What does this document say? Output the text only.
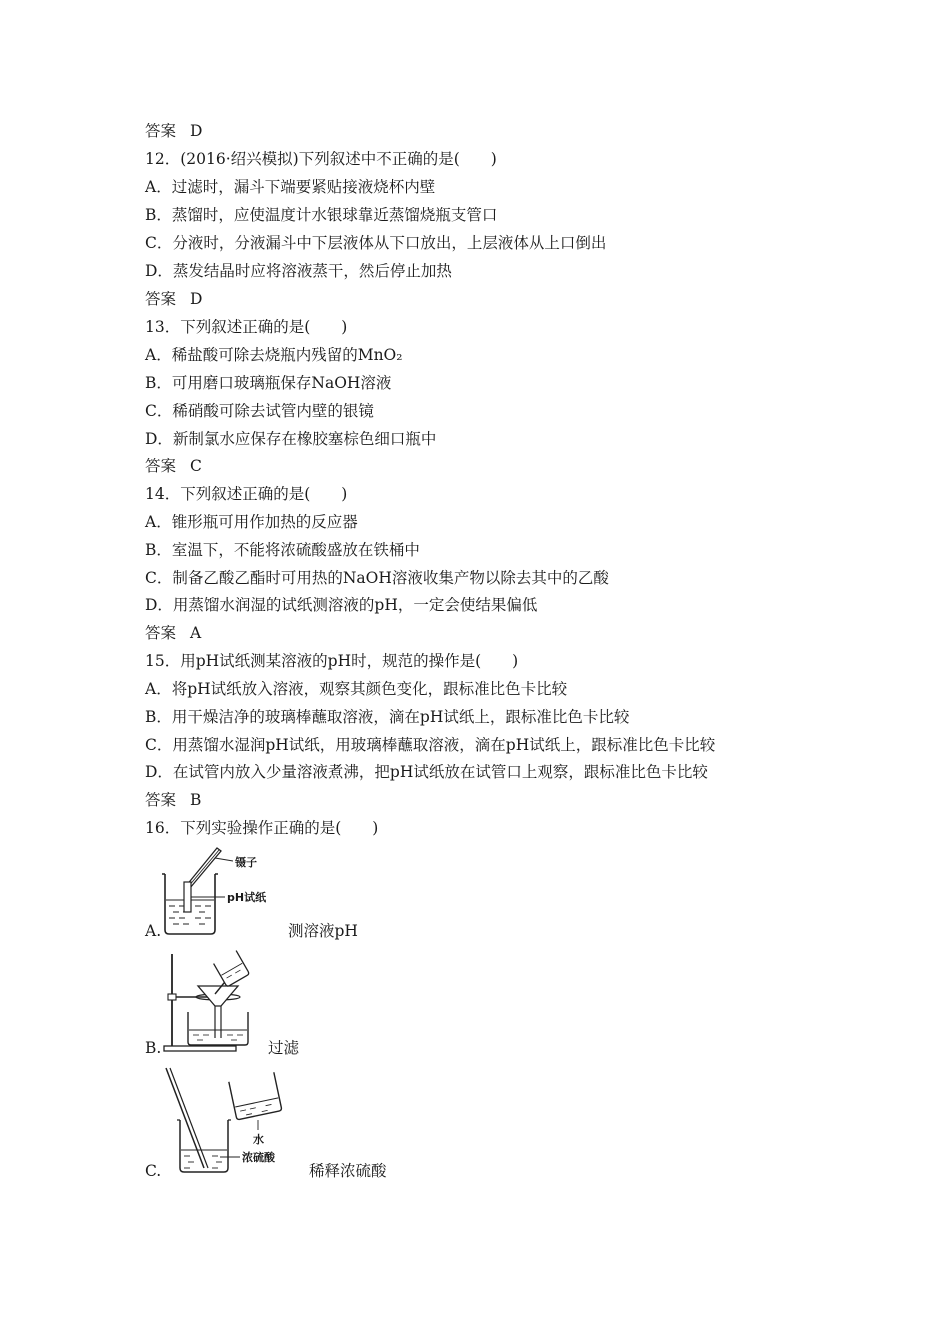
答案 D
12．(2016·绍兴模拟)下列叙述中不正确的是(　　)
A．过滤时，漏斗下端要紧贴接液烧杯内壁
B．蒸馏时，应使温度计水银球靠近蒸馏烧瓶支管口
C．分液时，分液漏斗中下层液体从下口放出，上层液体从上口倒出
D．蒸发结晶时应将溶液蒸干，然后停止加热
答案 D
13．下列叙述正确的是(　　)
A．稀盐酸可除去烧瓶内残留的MnO₂
B．可用磨口玻璃瓶保存NaOH溶液
C．稀硝酸可除去试管内壁的银镜
D．新制氯水应保存在橡胶塞棕色细口瓶中
答案 C
14．下列叙述正确的是(　　)
A．锥形瓶可用作加热的反应器
B．室温下，不能将浓硫酸盛放在铁桶中
C．制备乙酸乙酯时可用热的NaOH溶液收集产物以除去其中的乙酸
D．用蒸馏水润湿的试纸测溶液的pH，一定会使结果偏低
答案 A
15．用pH试纸测某溶液的pH时，规范的操作是(　　)
A．将pH试纸放入溶液，观察其颜色变化，跟标准比色卡比较
B．用干燥洁净的玻璃棒蘸取溶液，滴在pH试纸上，跟标准比色卡比较
C．用蒸馏水湿润pH试纸，用玻璃棒蘸取溶液，滴在pH试纸上，跟标准比色卡比较
D．在试管内放入少量溶液煮沸，把pH试纸放在试管口上观察，跟标准比色卡比较
答案 B
16．下列实验操作正确的是(　　)
A.
镊子
pH试纸
测溶液pH
B.	过滤
C.
水
浓硫酸
稀释浓硫酸
